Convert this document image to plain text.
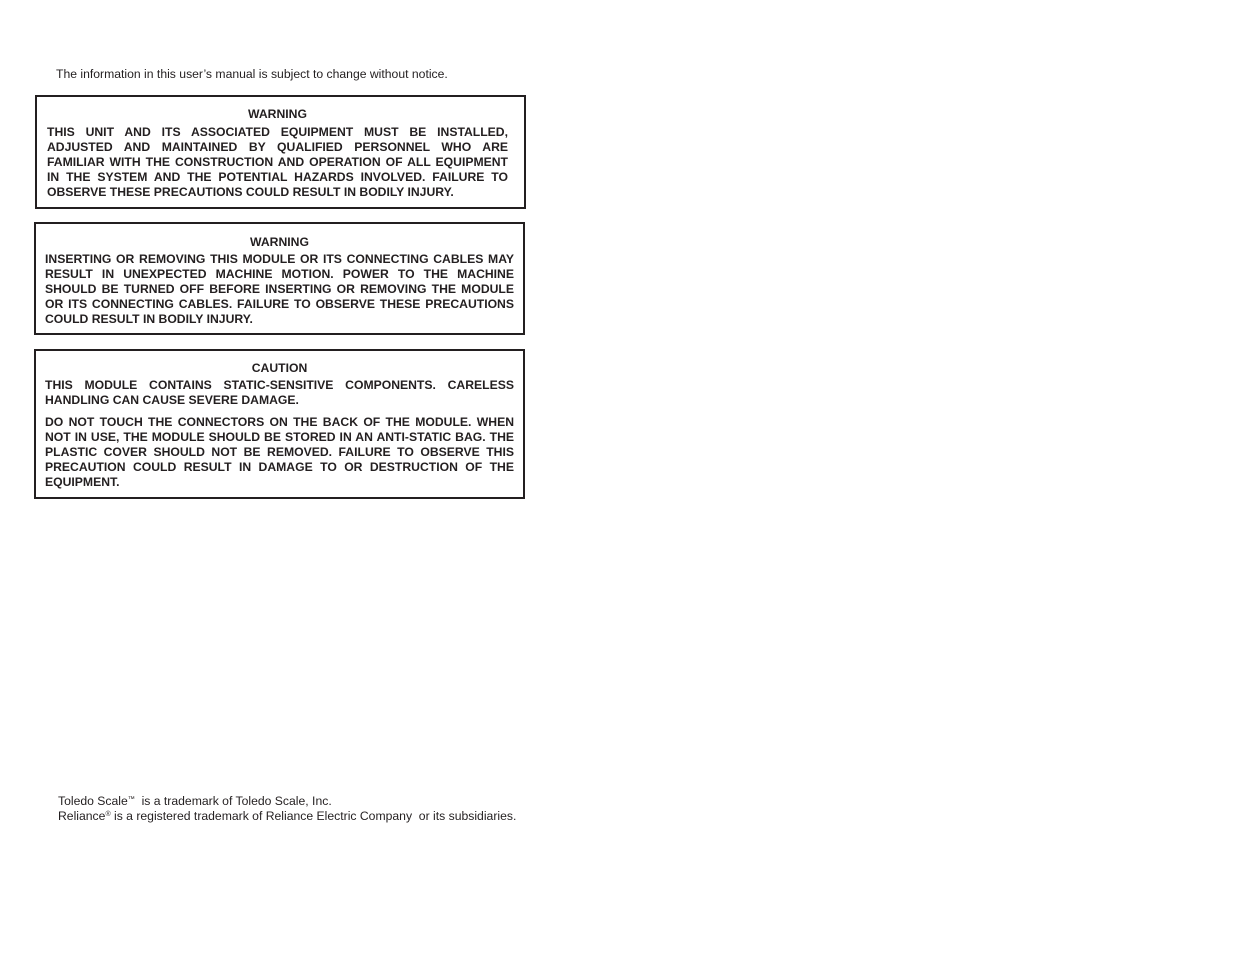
The information in this user’s manual is subject to change without notice.

WARNING

THIS UNIT AND ITS ASSOCIATED EQUIPMENT MUST BE INSTALLED, ADJUSTED AND MAINTAINED BY QUALIFIED PERSONNEL WHO ARE FAMILIAR WITH THE CONSTRUCTION AND OPERATION OF ALL EQUIPMENT IN THE SYSTEM AND THE POTENTIAL HAZARDS INVOLVED. FAILURE TO OBSERVE THESE PRECAUTIONS COULD RESULT IN BODILY INJURY.

WARNING

INSERTING OR REMOVING THIS MODULE OR ITS CONNECTING CABLES MAY RESULT IN UNEXPECTED MACHINE MOTION. POWER TO THE MACHINE SHOULD BE TURNED OFF BEFORE INSERTING OR REMOVING THE MODULE OR ITS CONNECTING CABLES. FAILURE TO OBSERVE THESE PRECAUTIONS COULD RESULT IN BODILY INJURY.

CAUTION

THIS MODULE CONTAINS STATIC-SENSITIVE COMPONENTS. CARELESS HANDLING CAN CAUSE SEVERE DAMAGE.

DO NOT TOUCH THE CONNECTORS ON THE BACK OF THE MODULE. WHEN NOT IN USE, THE MODULE SHOULD BE STORED IN AN ANTI-STATIC BAG. THE PLASTIC COVER SHOULD NOT BE REMOVED. FAILURE TO OBSERVE THIS PRECAUTION COULD RESULT IN DAMAGE TO OR DESTRUCTION OF THE EQUIPMENT.

Toledo Scale™  is a trademark of Toledo Scale, Inc.
Reliance® is a registered trademark of Reliance Electric Company  or its subsidiaries.
